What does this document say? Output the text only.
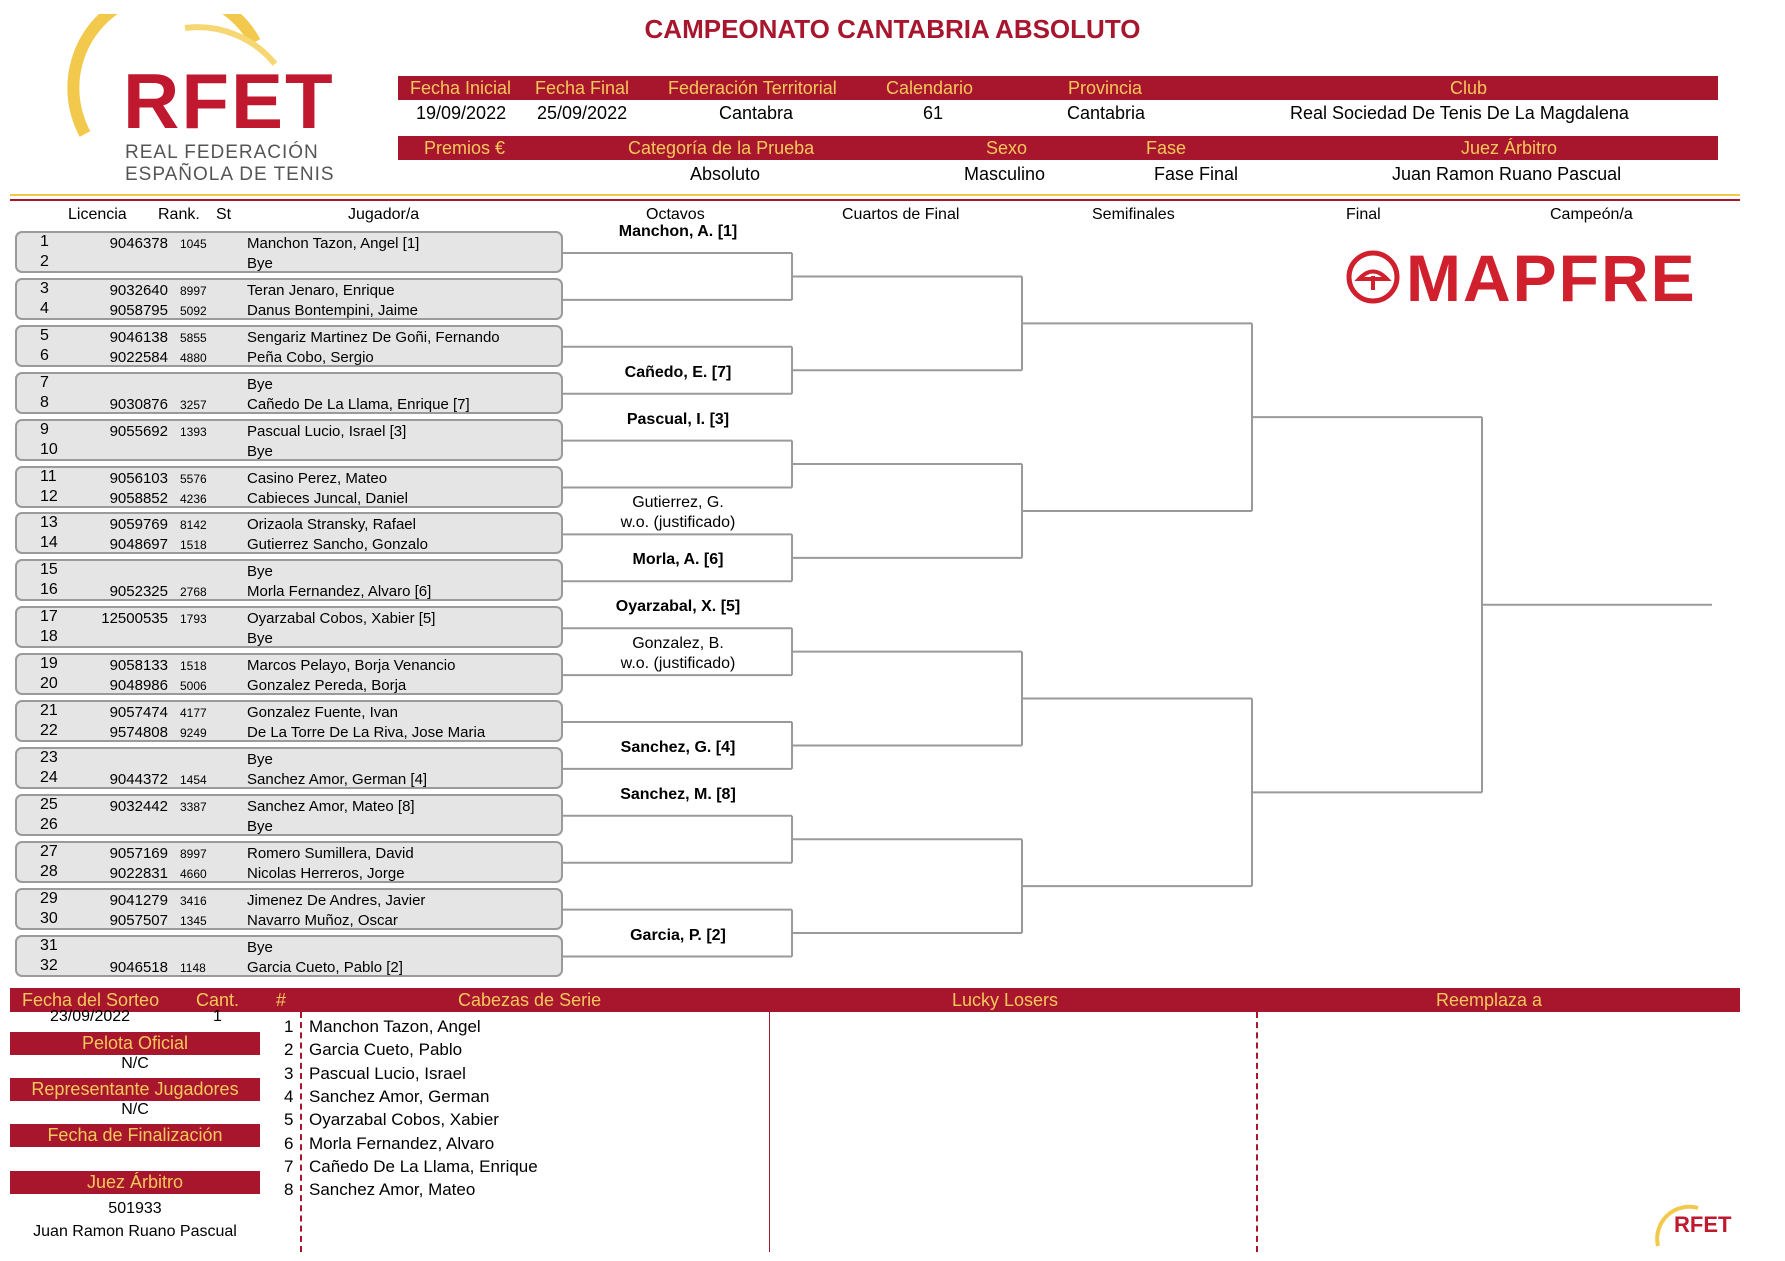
CAMPEONATO CANTABRIA ABSOLUTO
RFET
REAL FEDERACIÓN
ESPAÑOLA DE TENIS
Fecha Inicial Fecha Final Federación Territorial	Calendario	Provincia	Club
19/09/2022 25/09/2022	Cantabra	61	Cantabria	Real Sociedad De Tenis De La Magdalena
Premios €	Categoría de la Prueba	Sexo	Fase	Juez Árbitro
Absoluto	Masculino	Fase Final	Juan Ramon Ruano Pascual
Licencia Rank. St	Jugador/a	Octavos	Cuartos de Final	Semifinales	Final	Campeón/a
MAPFRE
1	9046378 1045	Manchon Tazon, Angel [1]
2	Bye
Manchon, A. [1]
3	9032640 8997	Teran Jenaro, Enrique
4	9058795 5092	Danus Bontempini, Jaime
5	9046138 5855	Sengariz Martinez De Goñi, Fernando
6	9022584 4880	Peña Cobo, Sergio
7	Bye
8	9030876 3257	Cañedo De La Llama, Enrique [7]
Cañedo, E. [7]
9	9055692 1393	Pascual Lucio, Israel [3]
10	Bye
Pascual, I. [3]
11	9056103 5576	Casino Perez, Mateo
12	9058852 4236	Cabieces Juncal, Daniel
13	9059769 8142	Orizaola Stransky, Rafael
14	9048697 1518	Gutierrez Sancho, Gonzalo
Gutierrez, G.
w.o. (justificado)
15	Bye
16	9052325 2768	Morla Fernandez, Alvaro [6]
Morla, A. [6]
17	12500535 1793	Oyarzabal Cobos, Xabier [5]
18	Bye
Oyarzabal, X. [5]
19	9058133 1518	Marcos Pelayo, Borja Venancio
20	9048986 5006	Gonzalez Pereda, Borja
Gonzalez, B.
w.o. (justificado)
21	9057474 4177	Gonzalez Fuente, Ivan
22	9574808 9249	De La Torre De La Riva, Jose Maria
23	Bye
24	9044372 1454	Sanchez Amor, German [4]
Sanchez, G. [4]
25	9032442 3387	Sanchez Amor, Mateo [8]
26	Bye
Sanchez, M. [8]
27	9057169 8997	Romero Sumillera, David
28	9022831 4660	Nicolas Herreros, Jorge
29	9041279 3416	Jimenez De Andres, Javier
30	9057507 1345	Navarro Muñoz, Oscar
31	Bye
32	9046518 1148	Garcia Cueto, Pablo [2]
Garcia, P. [2]
Fecha del Sorteo Cant. #	Cabezas de Serie	Lucky Losers	Reemplaza a
23/09/2022	1
Pelota Oficial
N/C
Representante Jugadores
N/C
Fecha de Finalización
Juez Árbitro
501933
Juan Ramon Ruano Pascual
1 Manchon Tazon, Angel
2 Garcia Cueto, Pablo
3 Pascual Lucio, Israel
4 Sanchez Amor, German
5 Oyarzabal Cobos, Xabier
6 Morla Fernandez, Alvaro
7 Cañedo De La Llama, Enrique
8 Sanchez Amor, Mateo
RFET
